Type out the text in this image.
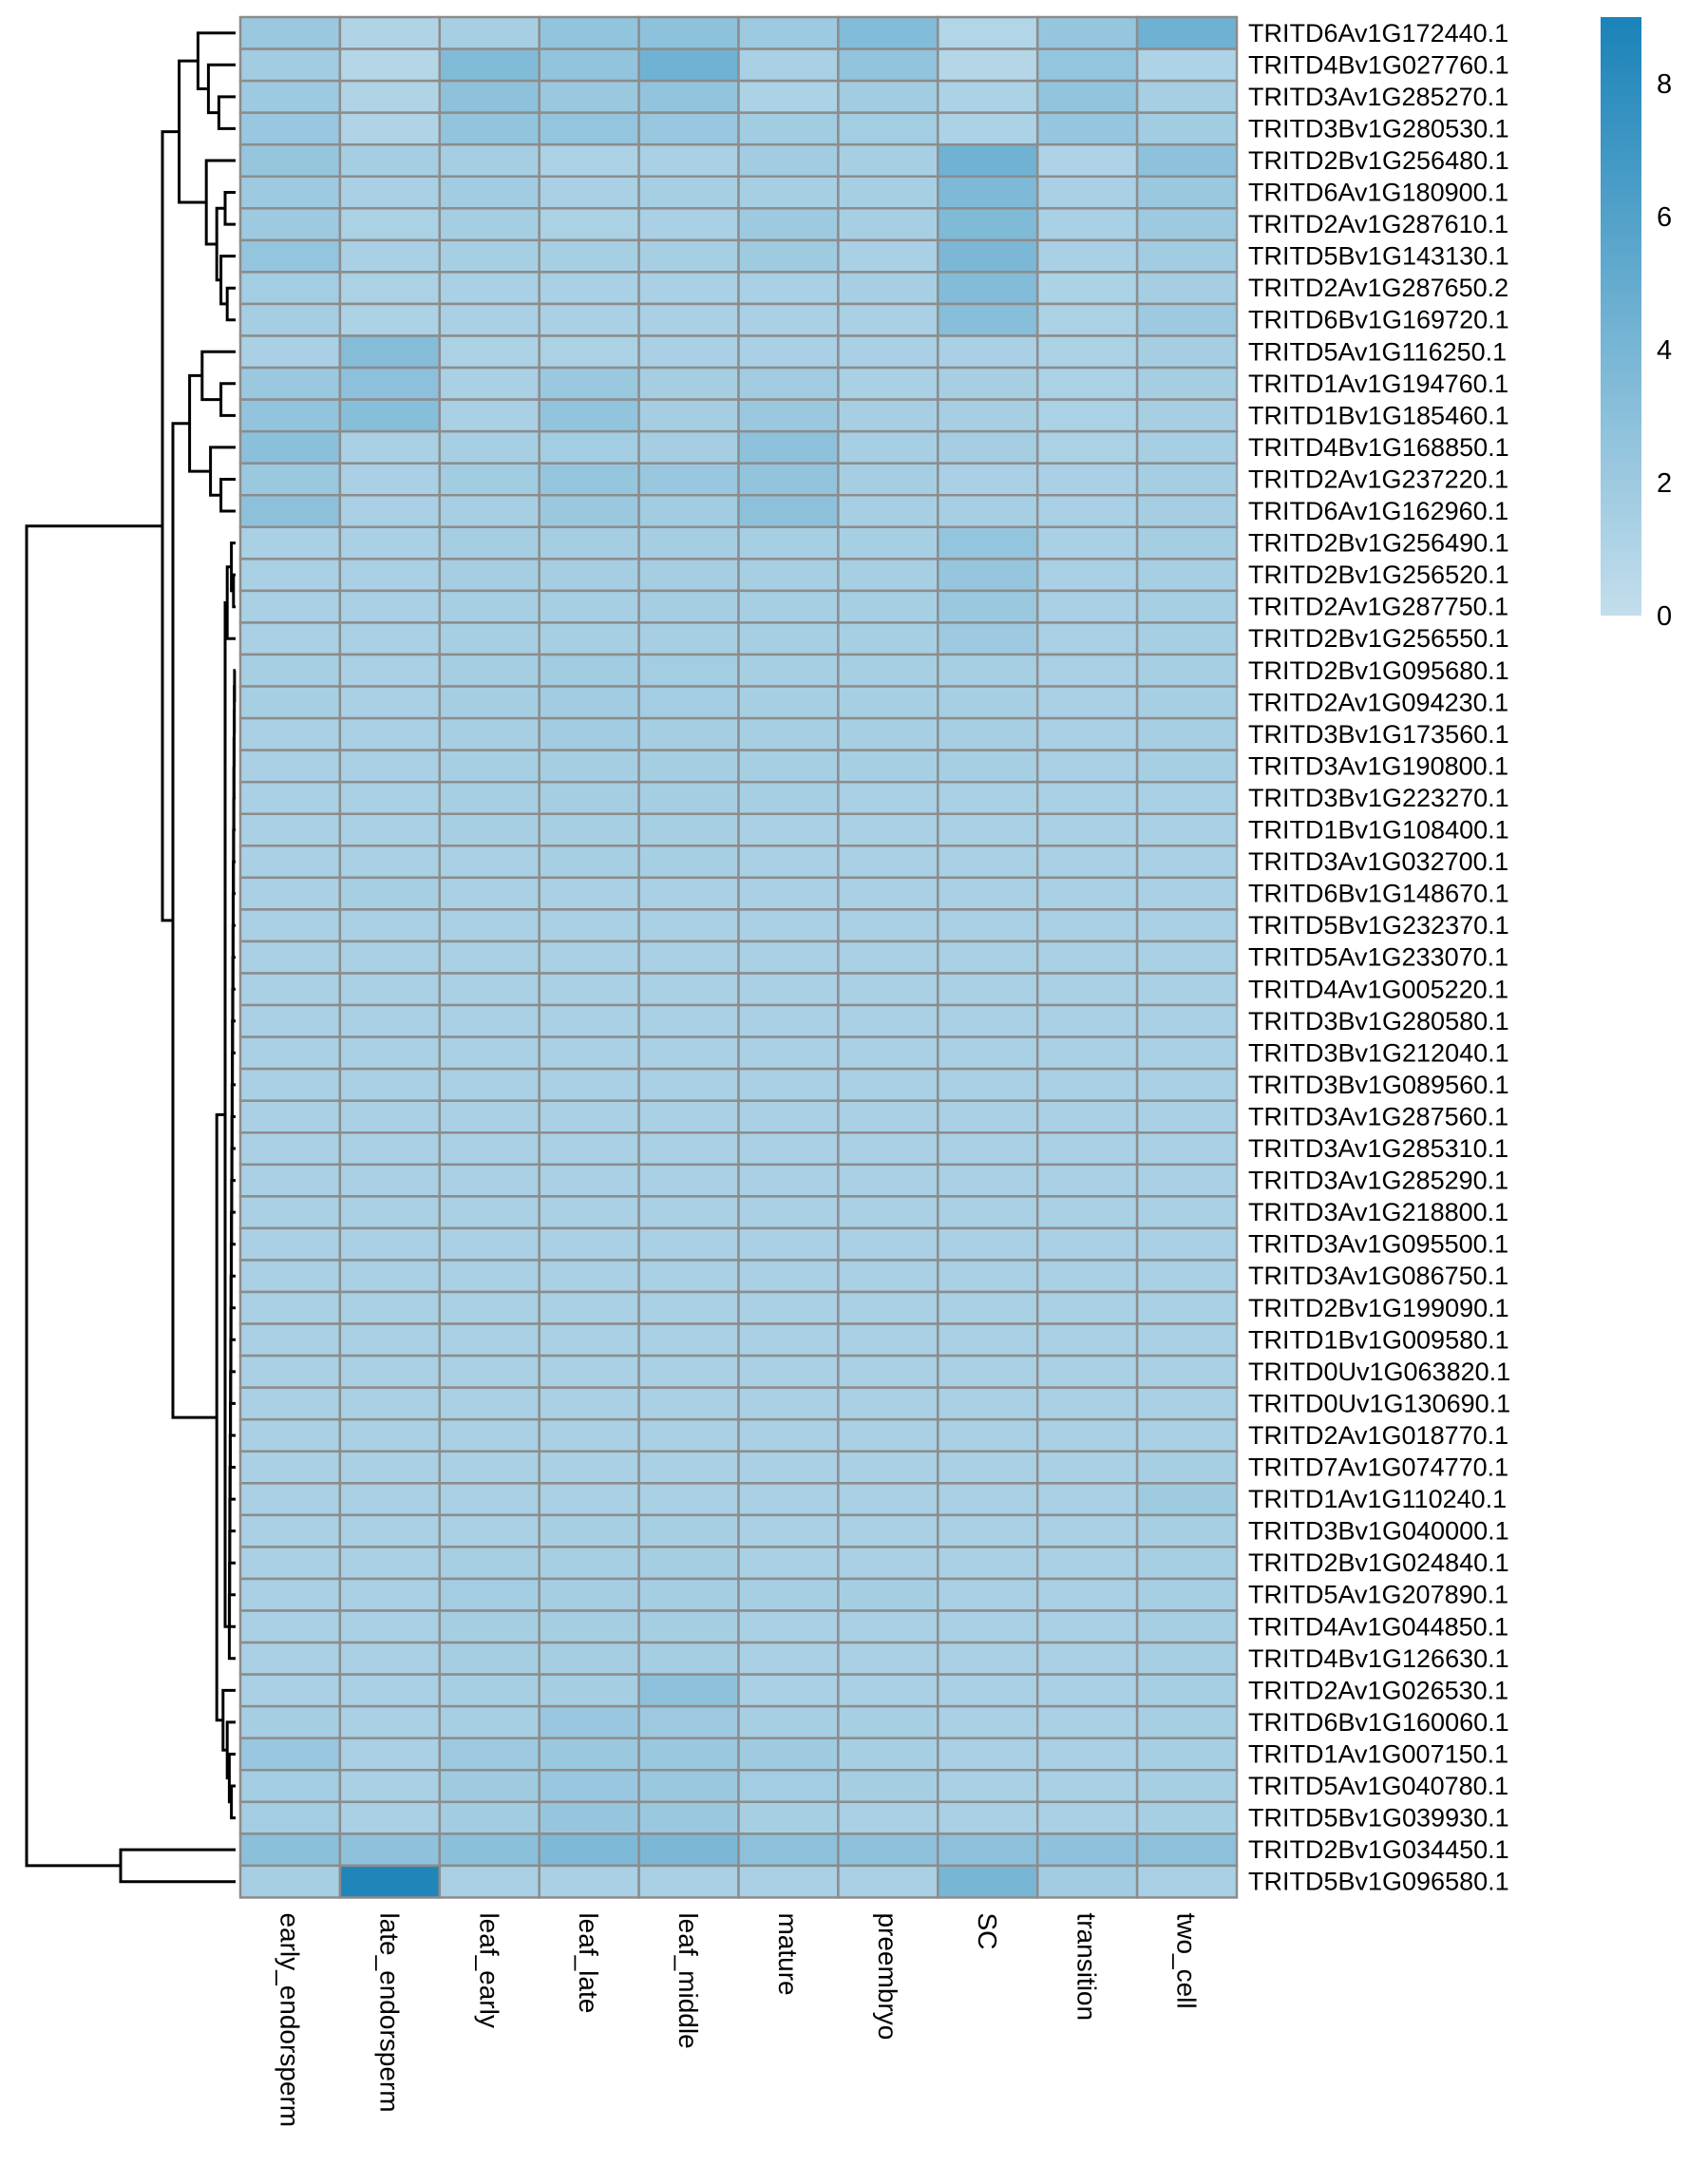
TRITD6Av1G172440.1
TRITD4Bv1G027760.1
TRITD3Av1G285270.1
TRITD3Bv1G280530.1
TRITD2Bv1G256480.1
TRITD6Av1G180900.1
TRITD2Av1G287610.1
TRITD5Bv1G143130.1
TRITD2Av1G287650.2
TRITD6Bv1G169720.1
TRITD5Av1G116250.1
TRITD1Av1G194760.1
TRITD1Bv1G185460.1
TRITD4Bv1G168850.1
TRITD2Av1G237220.1
TRITD6Av1G162960.1
TRITD2Bv1G256490.1
TRITD2Bv1G256520.1
TRITD2Av1G287750.1
TRITD2Bv1G256550.1
TRITD2Bv1G095680.1
TRITD2Av1G094230.1
TRITD3Bv1G173560.1
TRITD3Av1G190800.1
TRITD3Bv1G223270.1
TRITD1Bv1G108400.1
TRITD3Av1G032700.1
TRITD6Bv1G148670.1
TRITD5Bv1G232370.1
TRITD5Av1G233070.1
TRITD4Av1G005220.1
TRITD3Bv1G280580.1
TRITD3Bv1G212040.1
TRITD3Bv1G089560.1
TRITD3Av1G287560.1
TRITD3Av1G285310.1
TRITD3Av1G285290.1
TRITD3Av1G218800.1
TRITD3Av1G095500.1
TRITD3Av1G086750.1
TRITD2Bv1G199090.1
TRITD1Bv1G009580.1
TRITD0Uv1G063820.1
TRITD0Uv1G130690.1
TRITD2Av1G018770.1
TRITD7Av1G074770.1
TRITD1Av1G110240.1
TRITD3Bv1G040000.1
TRITD2Bv1G024840.1
TRITD5Av1G207890.1
TRITD4Av1G044850.1
TRITD4Bv1G126630.1
TRITD2Av1G026530.1
TRITD6Bv1G160060.1
TRITD1Av1G007150.1
TRITD5Av1G040780.1
TRITD5Bv1G039930.1
TRITD2Bv1G034450.1
TRITD5Bv1G096580.1
early_endorsperm	late_endorsperm	leaf_early	leaf_late	leaf_middle	mature	preembryo	SC	transition	two_cell
0
2
4
6
8
